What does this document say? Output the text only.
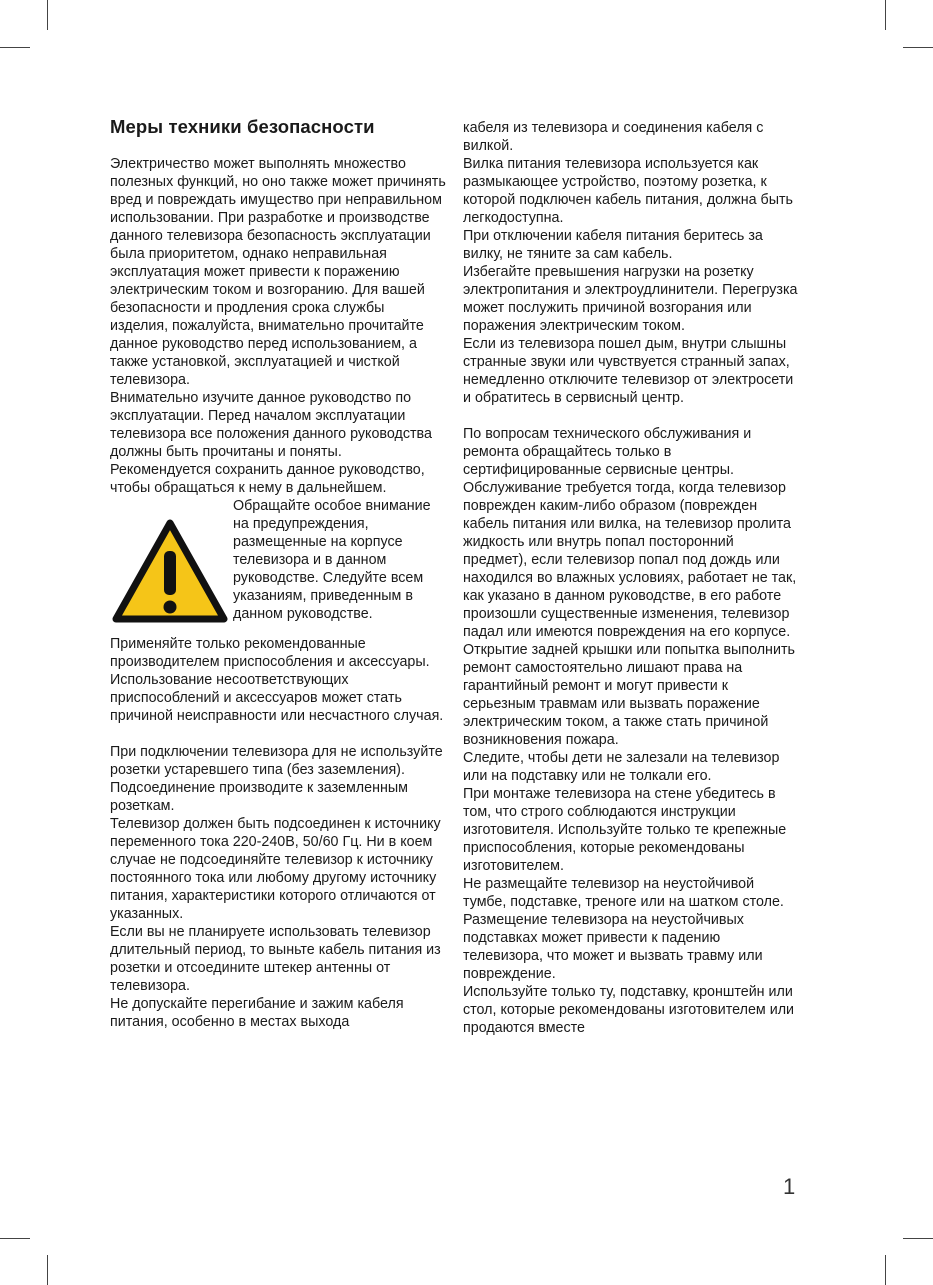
Меры техники безопасности

Электричество может выполнять множество полезных функций, но оно также может причинять вред и повреждать имущество при неправильном использовании. При разработке и производстве данного телевизора безопасность эксплуатации была приоритетом, однако неправильная эксплуатация может привести к поражению электрическим током и возгоранию. Для вашей безопасности и продления срока службы изделия, пожалуйста, внимательно прочитайте данное руководство перед использованием, а также установкой, эксплуатацией и чисткой телевизора.

Внимательно изучите данное руководство по эксплуатации. Перед началом эксплуатации телевизора все положения данного руководства должны быть прочитаны и поняты.

Рекомендуется сохранить данное руководство, чтобы обращаться к нему в дальнейшем.

Обращайте особое внимание на предупреждения, размещенные на корпусе телевизора и в данном руководстве. Следуйте всем указаниям, приведенным в данном руководстве.

Применяйте только рекомендованные производителем приспособления и аксессуары.

Использование несоответствующих приспособлений и аксессуаров может стать причиной неисправности или несчастного случая.

При подключении телевизора для не используйте розетки устаревшего типа (без заземления). Подсоединение производите к заземленным розеткам.

Телевизор должен быть подсоединен к источнику переменного тока 220-240В, 50/60 Гц. Ни в коем случае не подсоединяйте телевизор к источнику постоянного тока или любому другому источнику питания, характеристики которого отличаются от указанных.

Если вы не планируете использовать телевизор длительный период, то выньте кабель питания из розетки и отсоедините штекер антенны от телевизора.

Не допускайте перегибание и зажим кабеля питания, особенно в местах выхода

кабеля из телевизора и соединения кабеля с вилкой.

Вилка питания телевизора используется как размыкающее устройство, поэтому розетка, к которой подключен кабель питания, должна быть легкодоступна.

При отключении кабеля питания беритесь за вилку, не тяните за сам кабель.

Избегайте превышения нагрузки на розетку электропитания и электроудлинители. Перегрузка может послужить причиной возгорания или поражения электрическим током.

Если из телевизора пошел дым, внутри слышны странные звуки или чувствуется странный запах, немедленно отключите телевизор от электросети и обратитесь в сервисный центр.

По вопросам технического обслуживания и ремонта обращайтесь только в сертифицированные сервисные центры.

Обслуживание требуется тогда, когда телевизор поврежден каким-либо образом (поврежден кабель питания или вилка, на телевизор пролита жидкость или внутрь попал посторонний предмет), если телевизор попал под дождь или находился во влажных условиях, работает не так, как указано в данном руководстве, в его работе произошли существенные изменения, телевизор падал или имеются повреждения на его корпусе.

Открытие задней крышки или попытка выполнить ремонт самостоятельно лишают права на гарантийный ремонт и могут привести к серьезным травмам или вызвать поражение электрическим током, а также стать причиной возникновения пожара.

Следите, чтобы дети не залезали на телевизор или на подставку или не толкали его.

При монтаже телевизора на стене убедитесь в том, что строго соблюдаются инструкции изготовителя. Используйте только те крепежные приспособления, которые рекомендованы изготовителем.

Не размещайте телевизор на неустойчивой тумбе, подставке, треноге или на шатком столе. Размещение телевизора на неустойчивых подставках может привести к падению телевизора, что может и вызвать травму или повреждение.

Используйте только ту, подставку, кронштейн или стол, которые рекомендованы изготовителем или продаются вместе

1
